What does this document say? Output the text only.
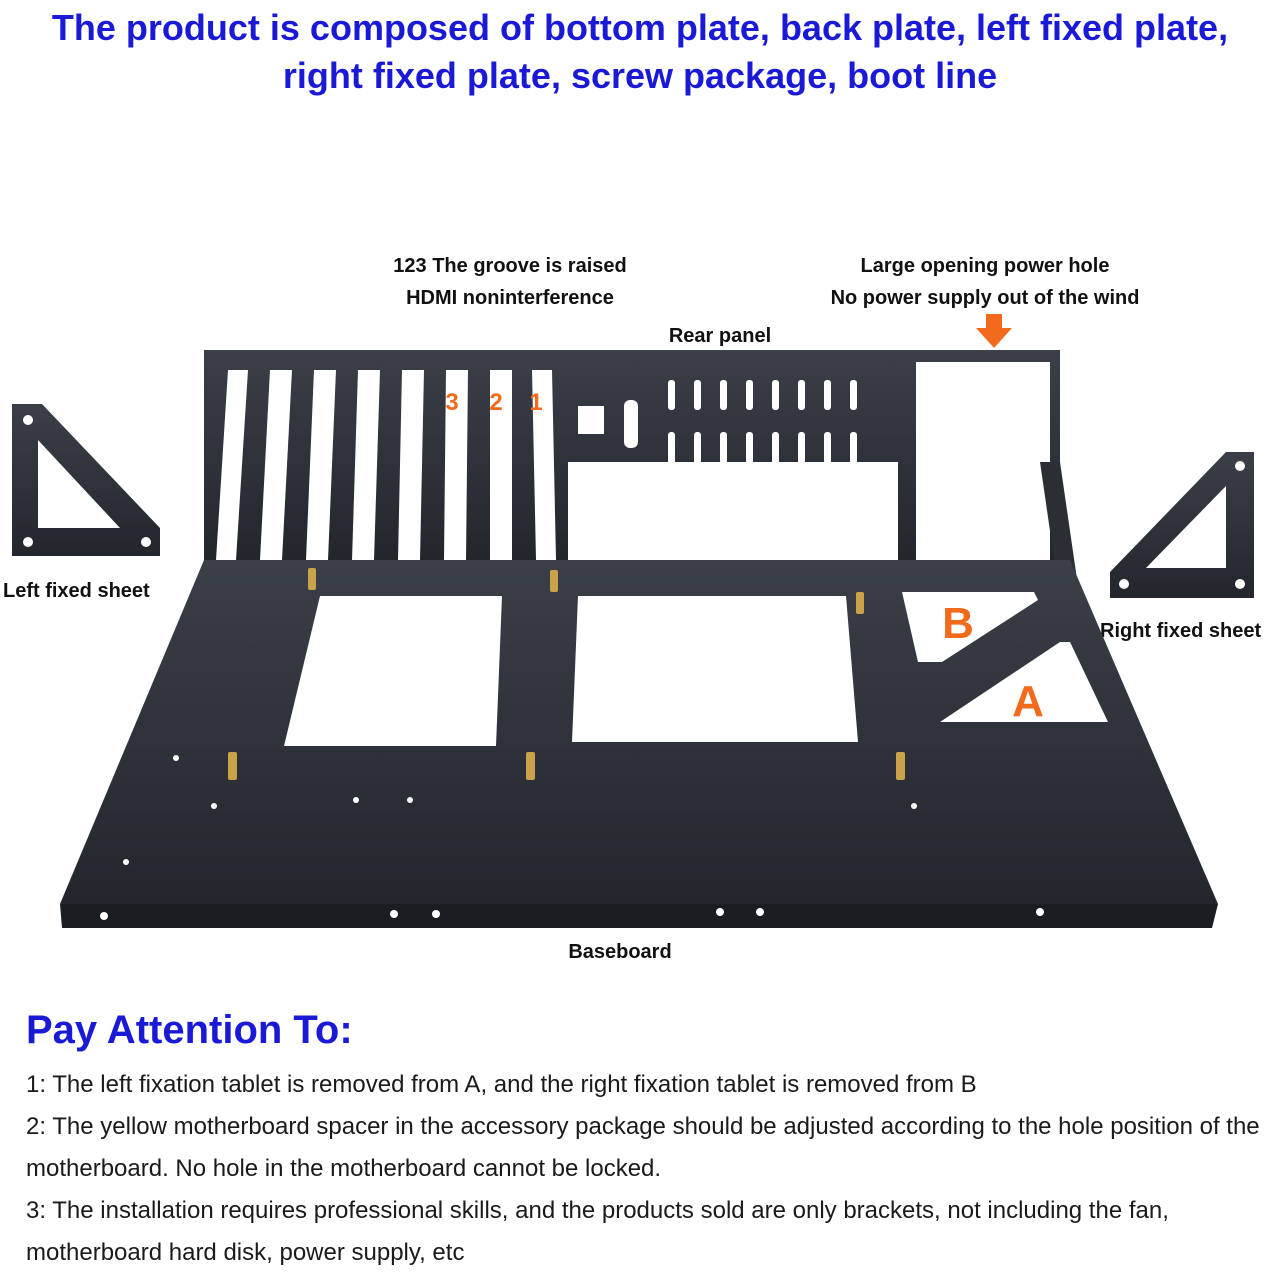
The product is composed of bottom plate, back plate, left fixed plate,
right fixed plate, screw package, boot line
123 The groove is raised
HDMI noninterference
Large opening power hole
No power supply out of the wind
Rear panel
Left fixed sheet
Right fixed sheet
Baseboard
3 2 1
B
A
Pay Attention To:
1: The left fixation tablet is removed from A, and the right fixation tablet is removed from B
2: The yellow motherboard spacer in the accessory package should be adjusted according to the hole position of the motherboard. No hole in the motherboard cannot be locked.
3: The installation requires professional skills, and the products sold are only brackets, not including the fan, motherboard hard disk, power supply, etc
